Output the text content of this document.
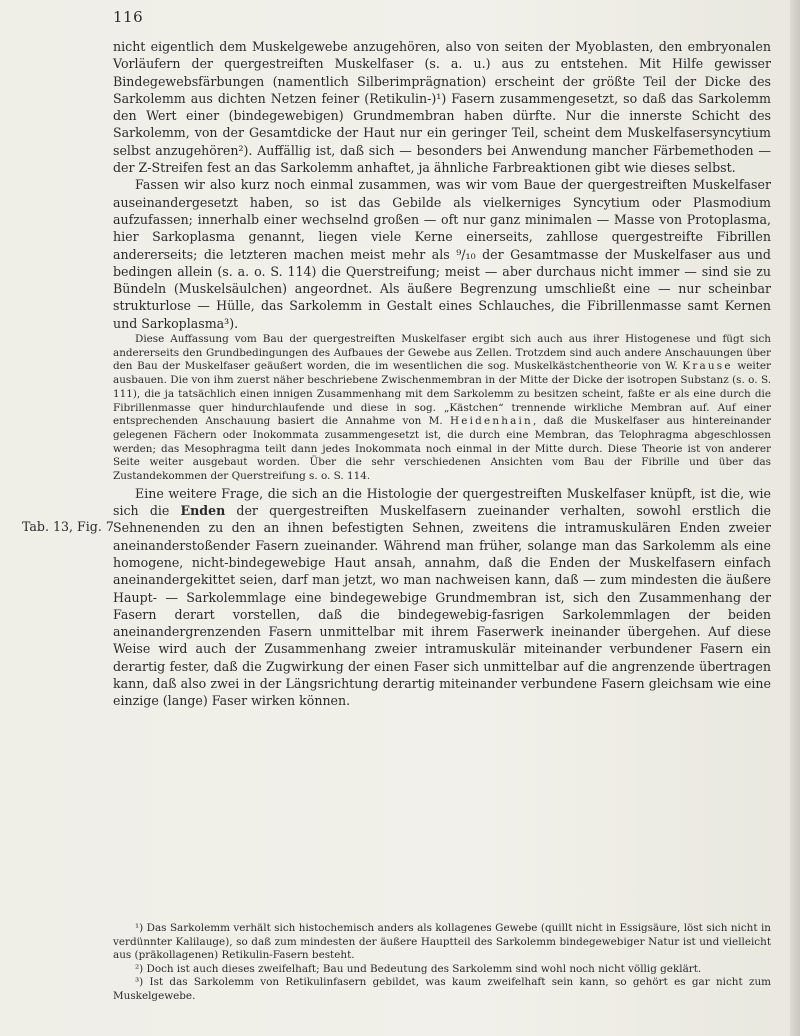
116
Tab. 13, Fig. 7

nicht eigentlich dem Muskelgewebe anzugehören, also von seiten der Myoblasten, den embryonalen Vorläufern der quergestreiften Muskelfaser (s. a. u.) aus zu entstehen. Mit Hilfe gewisser Bindegewebsfärbungen (namentlich Silberimprägnation) erscheint der größte Teil der Dicke des Sarkolemm aus dichten Netzen feiner (Retikulin-)¹) Fasern zusammengesetzt, so daß das Sarkolemm den Wert einer (bindegewebigen) Grundmembran haben dürfte. Nur die innerste Schicht des Sarkolemm, von der Gesamtdicke der Haut nur ein geringer Teil, scheint dem Muskelfasersyncytium selbst anzugehören²). Auffällig ist, daß sich — besonders bei Anwendung mancher Färbemethoden — der Z-Streifen fest an das Sarkolemm anhaftet, ja ähnliche Farbreaktionen gibt wie dieses selbst.

Fassen wir also kurz noch einmal zusammen, was wir vom Baue der quergestreiften Muskelfaser auseinandergesetzt haben, so ist das Gebilde als vielkerniges Syncytium oder Plasmodium aufzufassen; innerhalb einer wechselnd großen — oft nur ganz minimalen — Masse von Protoplasma, hier Sarkoplasma genannt, liegen viele Kerne einerseits, zahllose quergestreifte Fibrillen andererseits; die letzteren machen meist mehr als ⁹/₁₀ der Gesamtmasse der Muskelfaser aus und bedingen allein (s. a. o. S. 114) die Querstreifung; meist — aber durchaus nicht immer — sind sie zu Bündeln (Muskelsäulchen) angeordnet. Als äußere Begrenzung umschließt eine — nur scheinbar strukturlose — Hülle, das Sarkolemm in Gestalt eines Schlauches, die Fibrillenmasse samt Kernen und Sarkoplasma³).

Diese Auffassung vom Bau der quergestreiften Muskelfaser ergibt sich auch aus ihrer Histogenese und fügt sich andererseits den Grundbedingungen des Aufbaues der Gewebe aus Zellen. Trotzdem sind auch andere Anschauungen über den Bau der Muskelfaser geäußert worden, die im wesentlichen die sog. Muskelkästchentheorie von W. Krause weiter ausbauen. Die von ihm zuerst näher beschriebene Zwischenmembran in der Mitte der Dicke der isotropen Substanz (s. o. S. 111), die ja tatsächlich einen innigen Zusammenhang mit dem Sarkolemm zu besitzen scheint, faßte er als eine durch die Fibrillenmasse quer hindurchlaufende und diese in sog. „Kästchen“ trennende wirkliche Membran auf. Auf einer entsprechenden Anschauung basiert die Annahme von M. Heidenhain, daß die Muskelfaser aus hintereinander gelegenen Fächern oder Inokommata zusammengesetzt ist, die durch eine Membran, das Telophragma abgeschlossen werden; das Mesophragma teilt dann jedes Inokommata noch einmal in der Mitte durch. Diese Theorie ist von anderer Seite weiter ausgebaut worden. Über die sehr verschiedenen Ansichten vom Bau der Fibrille und über das Zustandekommen der Querstreifung s. o. S. 114.

Eine weitere Frage, die sich an die Histologie der quergestreiften Muskelfaser knüpft, ist die, wie sich die Enden der quergestreiften Muskelfasern zueinander verhalten, sowohl erstlich die Sehnenenden zu den an ihnen befestigten Sehnen, zweitens die intramuskulären Enden zweier aneinanderstoßender Fasern zueinander. Während man früher, solange man das Sarkolemm als eine homogene, nicht-bindegewebige Haut ansah, annahm, daß die Enden der Muskelfasern einfach aneinandergekittet seien, darf man jetzt, wo man nachweisen kann, daß — zum mindesten die äußere Haupt- — Sarkolemmlage eine bindegewebige Grundmembran ist, sich den Zusammenhang der Fasern derart vorstellen, daß die bindegewebig-fasrigen Sarkolemmlagen der beiden aneinandergrenzenden Fasern unmittelbar mit ihrem Faserwerk ineinander übergehen. Auf diese Weise wird auch der Zusammenhang zweier intramuskulär miteinander verbundener Fasern ein derartig fester, daß die Zugwirkung der einen Faser sich unmittelbar auf die angrenzende übertragen kann, daß also zwei in der Längsrichtung derartig miteinander verbundene Fasern gleichsam wie eine einzige (lange) Faser wirken können.

¹) Das Sarkolemm verhält sich histochemisch anders als kollagenes Gewebe (quillt nicht in Essigsäure, löst sich nicht in verdünnter Kalilauge), so daß zum mindesten der äußere Hauptteil des Sarkolemm bindegewebiger Natur ist und vielleicht aus (präkollagenen) Retikulin-Fasern besteht.

²) Doch ist auch dieses zweifelhaft; Bau und Bedeutung des Sarkolemm sind wohl noch nicht völlig geklärt.

³) Ist das Sarkolemm von Retikulinfasern gebildet, was kaum zweifelhaft sein kann, so gehört es gar nicht zum Muskelgewebe.
